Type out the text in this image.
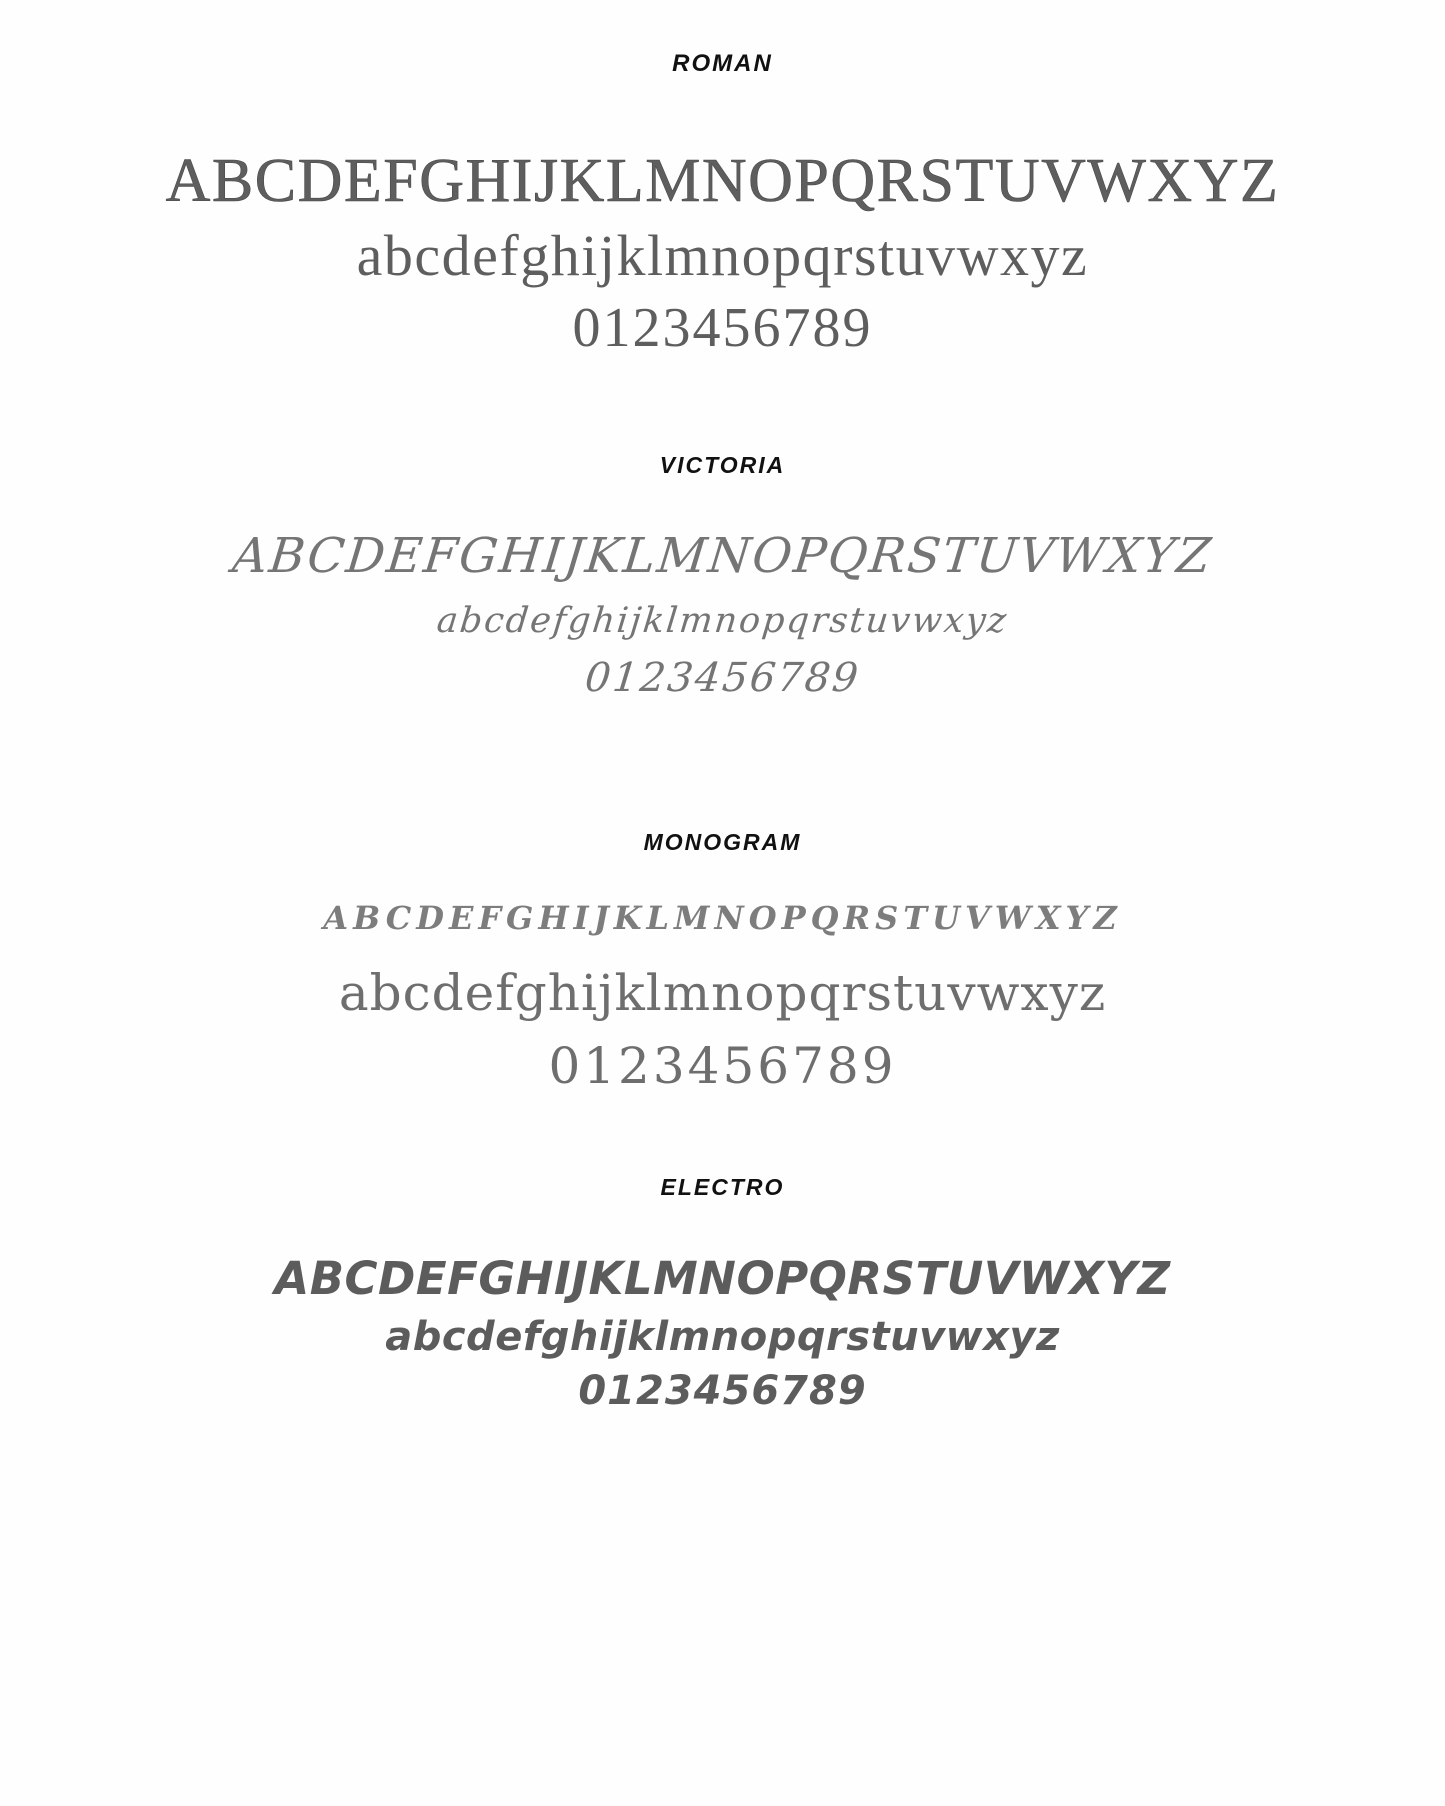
ROMAN
ABCDEFGHIJKLMNOPQRSTUVWXYZ
abcdefghijklmnopqrstuvwxyz
0123456789
VICTORIA
ABCDEFGHIJKLMNOPQRSTUVWXYZ
abcdefghijklmnopqrstuvwxyz
0123456789
MONOGRAM
ABCDEFGHIJKLMNOPQRSTUVWXYZ
abcdefghijklmnopqrstuvwxyz
0123456789
ELECTRO
ABCDEFGHIJKLMNOPQRSTUVWXYZ
abcdefghijklmnopqrstuvwxyz
0123456789
